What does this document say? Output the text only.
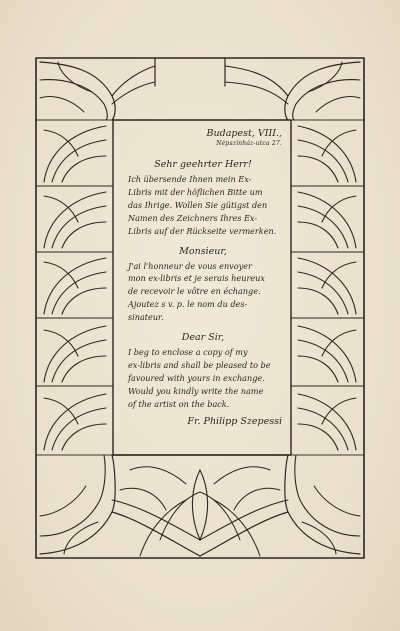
Budapest, VIII.,
Népszínház-utca 27.
Sehr geehrter Herr!

Ich übersende Ihnen mein Ex-
Libris mit der höflichen Bitte um
das Ihrige. Wollen Sie gütigst den
Namen des Zeichners Ihres Ex-
Libris auf der Rückseite vermerken.

Monsieur,

J'ai l'honneur de vous envoyer
mon ex-libris et je serais heureux
de recevoir le vôtre en échange.
Ajoutez s v. p. le nom du des-
sinateur.

Dear Sir,

I beg to enclose a copy of my
ex-libris and shall be pleased to be
favoured with yours in exchange.
Would you kindly write the name
of the artist on the back.

Fr. Philipp Szepessi
